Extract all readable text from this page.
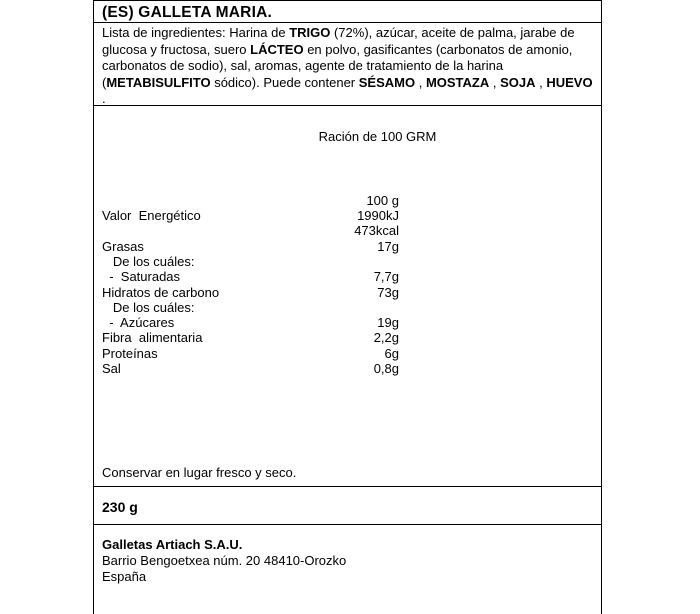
(ES) GALLETA MARIA.
Lista de ingredientes: Harina de TRIGO (72%), azúcar, aceite de palma, jarabe de glucosa y fructosa, suero LÁCTEO en polvo, gasificantes (carbonatos de amonio, carbonatos de sodio), sal, aromas, agente de tratamiento de la harina (METABISULFITO sódico). Puede contener SÉSAMO , MOSTAZA , SOJA , HUEVO .
Ración de 100 GRM
100 g
Valor  Energético	1990kJ
473kcal
Grasas	17g
De los cuáles:
-  Saturadas	7,7g
Hidratos de carbono	73g
De los cuáles:
-  Azúcares	19g
Fibra  alimentaria	2,2g
Proteínas	6g
Sal	0,8g
Conservar en lugar fresco y seco.
230 g
Galletas Artiach S.A.U.
Barrio Bengoetxea núm. 20 48410-Orozko
España
